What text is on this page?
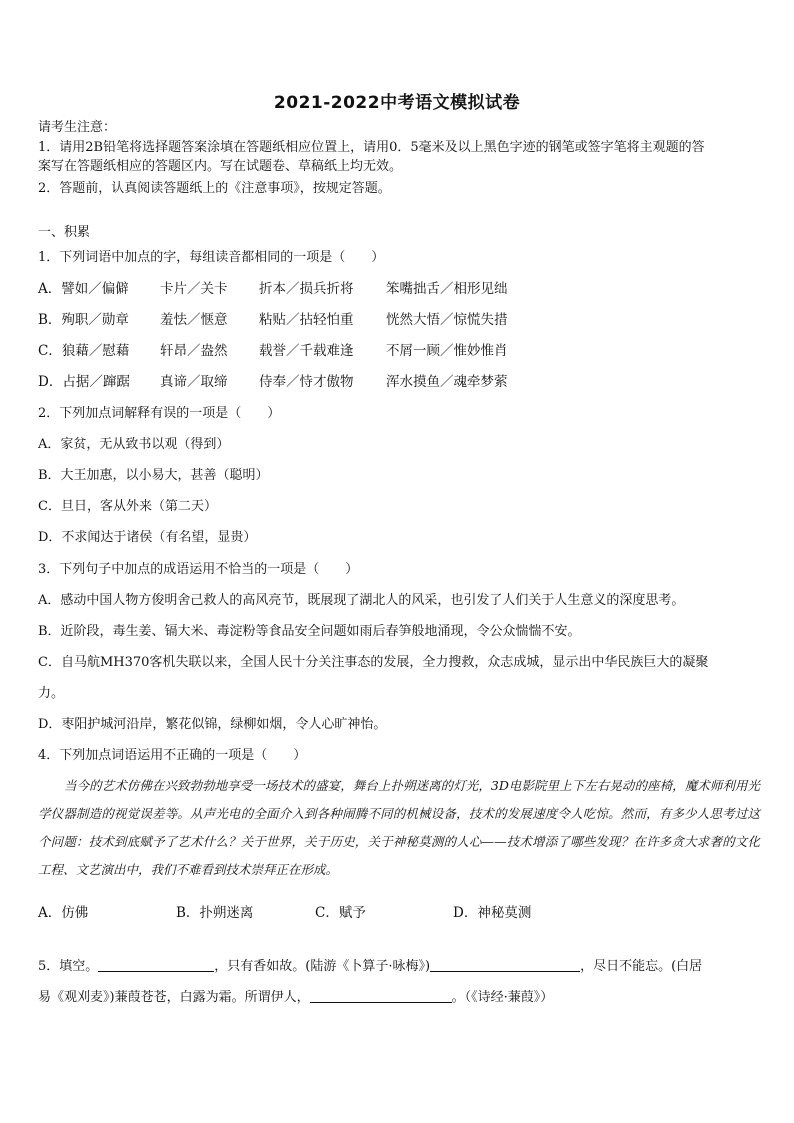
2021-2022中考语文模拟试卷
请考生注意：
1．请用2B铅笔将选择题答案涂填在答题纸相应位置上，请用0．5毫米及以上黑色字迹的钢笔或签字笔将主观题的答
案写在答题纸相应的答题区内。写在试题卷、草稿纸上均无效。
2．答题前，认真阅读答题纸上的《注意事项》，按规定答题。
一、积累
1．下列词语中加点的字，每组读音都相同的一项是（　　）
A．譬如／偏僻 卡片／关卡 折本／损兵折将 笨嘴拙舌／相形见绌
B．殉职／勋章 羞怯／惬意 粘贴／拈轻怕重 恍然大悟／惊慌失措
C．狼藉／慰藉 轩昂／盎然 载誉／千载难逢 不屑一顾／惟妙惟肖
D．占据／蹿踞 真谛／取缔 侍奉／恃才傲物 浑水摸鱼／魂牵梦萦
2．下列加点词解释有误的一项是（　　）
A．家贫，无从致书以观（得到）
B．大王加惠，以小易大，甚善（聪明）
C．旦日，客从外来（第二天）
D．不求闻达于诸侯（有名望，显贵）
3．下列句子中加点的成语运用不恰当的一项是（　　）
A．感动中国人物方俊明舍己救人的高风亮节，既展现了湖北人的风采，也引发了人们关于人生意义的深度思考。
B．近阶段，毒生姜、镉大米、毒淀粉等食品安全问题如雨后春笋般地涌现，令公众惴惴不安。
C．自马航MH370客机失联以来，全国人民十分关注事态的发展，全力搜救，众志成城，显示出中华民族巨大的凝聚
力。
D．枣阳护城河沿岸，繁花似锦，绿柳如烟，令人心旷神怡。
4．下列加点词语运用不正确的一项是（　　）
当今的艺术仿佛在兴致勃勃地享受一场技术的盛宴，舞台上扑朔迷离的灯光，3D电影院里上下左右晃动的座椅，魔术师利用光学仪器制造的视觉误差等。从声光电的全面介入到各种闹腾不同的机械设备，技术的发展速度令人吃惊。然而，有多少人思考过这个问题：技术到底赋予了艺术什么？关于世界，关于历史，关于神秘莫测的人心——技术增添了哪些发现？在许多贪大求奢的文化工程、文艺演出中，我们不难看到技术崇拜正在形成。
A．仿佛	B．扑朔迷离	C．赋予	D．神秘莫测
5．填空。	，只有香如故。(陆游《卜算子·咏梅》)	，尽日不能忘。(白居
易《观刈麦》)蒹葭苍苍，白露为霜。所谓伊人，	。（《诗经·蒹葭》）
